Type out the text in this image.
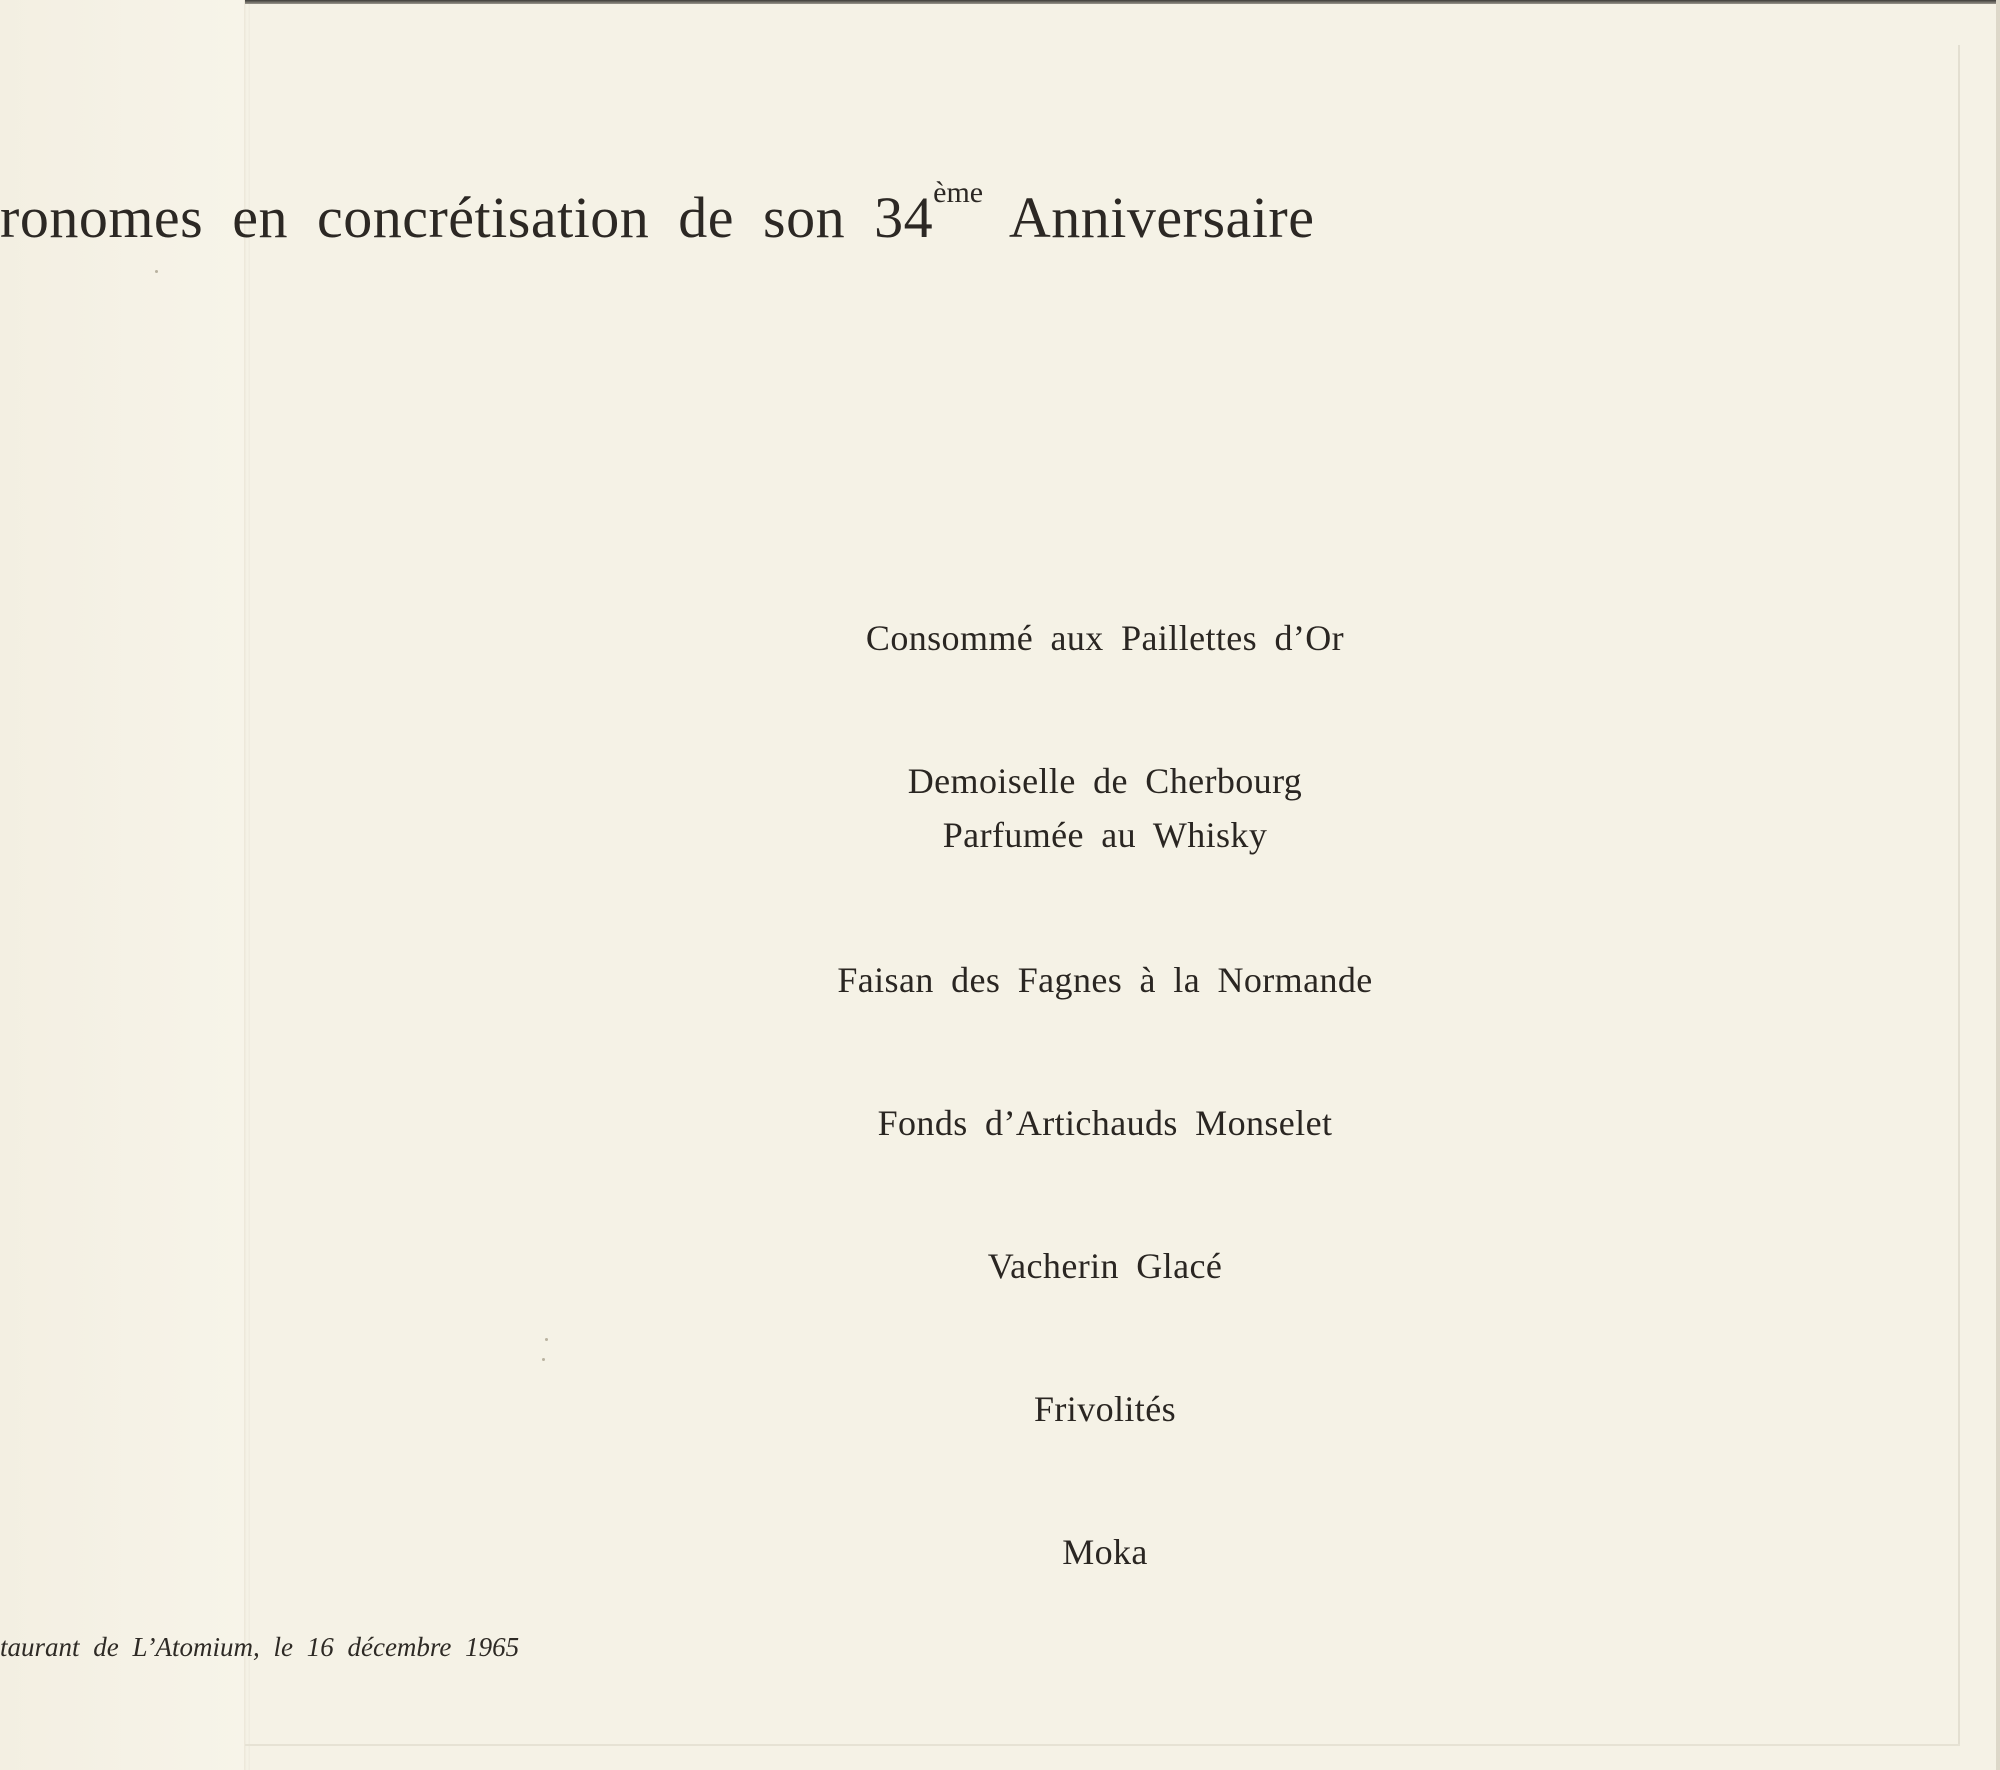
ronomes en concrétisation de son 34ème Anniversaire
Consommé aux Paillettes d’Or
Demoiselle de Cherbourg
Parfumée au Whisky
Faisan des Fagnes à la Normande
Fonds d’Artichauds Monselet
Vacherin Glacé
Frivolités
Moka
taurant de L’Atomium, le 16 décembre 1965
